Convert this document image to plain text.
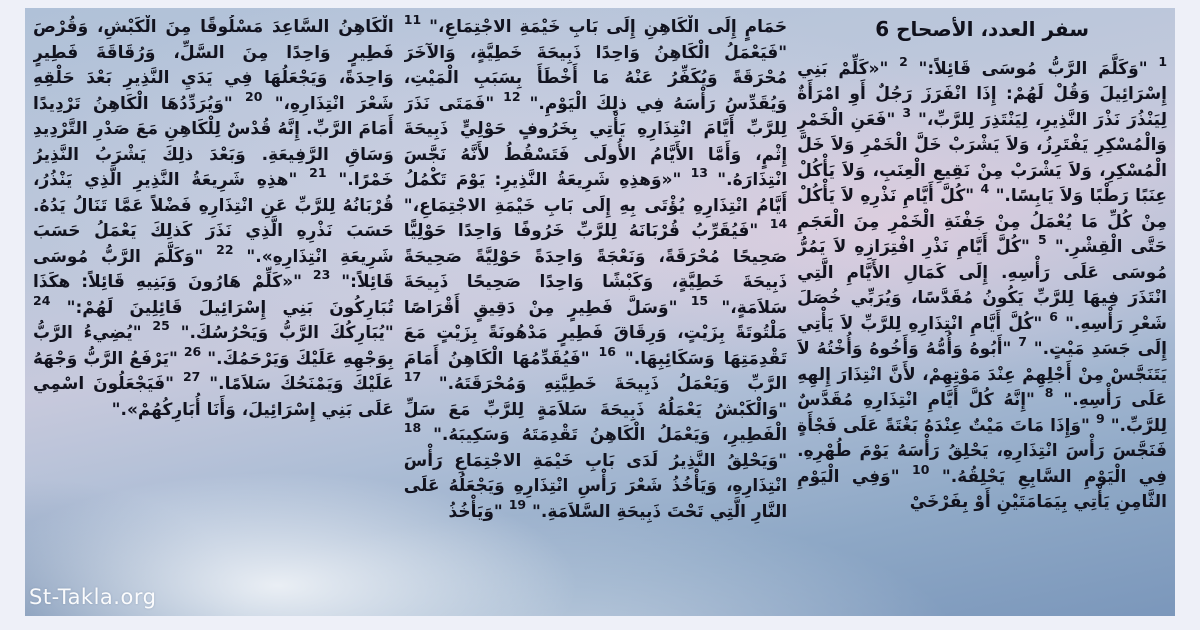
سفر العدد، الأصحاح 6

$^1$ "وَكَلَّمَ الرَّبُّ مُوسَى قَائِلاً:" $^2$ "«كَلِّمْ بَنِي إِسْرَائِيلَ وَقُلْ لَهُمْ: إِذَا انْفَرَزَ رَجُلٌ أَوِ امْرَأَةٌ لِيَنْذُرَ نَذْرَ النَّذِيرِ، لِيَنْتَذِرَ لِلرَّبِّ،" $^3$ "فَعَنِ الْخَمْرِ وَالْمُسْكِرِ يَفْتَرِزُ، وَلاَ يَشْرَبْ خَلَّ الْخَمْرِ وَلاَ خَلَّ الْمُسْكِرِ، وَلاَ يَشْرَبْ مِنْ نَقِيعِ الْعِنَبِ، وَلاَ يَأْكُلْ عِنَبًا رَطْبًا وَلاَ يَابِسًا." $^4$ "كُلَّ أَيَّامِ نَذْرِهِ لاَ يَأْكُلْ مِنْ كُلِّ مَا يُعْمَلُ مِنْ جَفْنَةِ الْخَمْرِ مِنَ الْعَجَمِ حَتَّى الْقِشْرِ." $^5$ "كُلَّ أَيَّامِ نَذْرِ افْتِرَازِهِ لاَ يَمُرُّ مُوسَى عَلَى رَأْسِهِ. إِلَى كَمَالِ الأَيَّامِ الَّتِي انْتَذَرَ فِيهَا لِلرَّبِّ يَكُونُ مُقَدَّسًا، وَيُرَبِّي خُصَلَ شَعْرِ رَأْسِهِ." $^6$ "كُلَّ أَيَّامِ انْتِذَارِهِ لِلرَّبِّ لاَ يَأْتِي إِلَى جَسَدِ مَيْتٍ." $^7$ "أَبُوهُ وَأُمُّهُ وَأَخُوهُ وَأُخْتُهُ لاَ يَتَنَجَّسْ مِنْ أَجْلِهِمْ عِنْدَ مَوْتِهِمْ، لأَنَّ انْتِذَارَ إِلهِهِ عَلَى رَأْسِهِ." $^8$ "إِنَّهُ كُلَّ أَيَّامِ انْتِذَارِهِ مُقَدَّسٌ لِلرَّبِّ." $^9$ "وَإِذَا مَاتَ مَيْتٌ عِنْدَهُ بَغْتَةً عَلَى فَجْأَةٍ فَنَجَّسَ رَأْسَ انْتِذَارِهِ، يَحْلِقُ رَأْسَهُ يَوْمَ طُهْرِهِ. فِي الْيَوْمِ السَّابِعِ يَحْلِقُهُ." $^{10}$ "وَفِي الْيَوْمِ الثَّامِنِ يَأْتِي بِيَمَامَتَيْنِ أَوْ بِفَرْخَيْ

حَمَامٍ إِلَى الْكَاهِنِ إِلَى بَابِ خَيْمَةِ الاجْتِمَاعِ،" $^{11}$ "فَيَعْمَلُ الْكَاهِنُ وَاحِدًا ذَبِيحَةَ خَطِيَّةٍ، وَالآخَرَ مُحْرَقَةً وَيُكَفِّرُ عَنْهُ مَا أَخْطَأَ بِسَبَبِ الْمَيْتِ، وَيُقَدِّسُ رَأْسَهُ فِي ذلِكَ الْيَوْمِ." $^{12}$ "فَمَتَى نَذَرَ لِلرَّبِّ أَيَّامَ انْتِذَارِهِ يَأْتِي بِخَرُوفٍ حَوْلِيٍّ ذَبِيحَةَ إِثْمٍ، وَأَمَّا الأَيَّامُ الأُولَى فَتَسْقُطُ لأَنَّهُ نَجَّسَ انْتِذَارَهُ." $^{13}$ "«وَهذِهِ شَرِيعَةُ النَّذِيرِ: يَوْمَ تَكْمُلُ أَيَّامُ انْتِذَارِهِ يُؤْتَى بِهِ إِلَى بَابِ خَيْمَةِ الاجْتِمَاعِ،" $^{14}$ "فَيُقَرِّبُ قُرْبَانَهُ لِلرَّبِّ خَرُوفًا وَاحِدًا حَوْلِيًّا صَحِيحًا مُحْرَقَةً، وَنَعْجَةً وَاحِدَةً حَوْلِيَّةً صَحِيحَةً ذَبِيحَةَ خَطِيَّةٍ، وَكَبْشًا وَاحِدًا صَحِيحًا ذَبِيحَةَ سَلاَمَةٍ،" $^{15}$ "وَسَلَّ فَطِيرٍ مِنْ دَقِيقٍ أَقْرَاصًا مَلْتُوتَةً بِزَيْتٍ، وَرِقَاقَ فَطِيرٍ مَدْهُونَةً بِزَيْتٍ مَعَ تَقْدِمَتِهَا وَسَكَائِبِهَا." $^{16}$ "فَيُقَدِّمُهَا الْكَاهِنُ أَمَامَ الرَّبِّ وَيَعْمَلُ ذَبِيحَةَ خَطِيَّتِهِ وَمُحْرَقَتَهُ." $^{17}$ "وَالْكَبْشُ يَعْمَلُهُ ذَبِيحَةَ سَلاَمَةٍ لِلرَّبِّ مَعَ سَلِّ الْفَطِيرِ، وَيَعْمَلُ الْكَاهِنُ تَقْدِمَتَهُ وَسَكِيبَهُ." $^{18}$ "وَيَحْلِقُ النَّذِيرُ لَدَى بَابِ خَيْمَةِ الاجْتِمَاعِ رَأْسَ انْتِذَارِهِ، وَيَأْخُذُ شَعْرَ رَأْسِ انْتِذَارِهِ وَيَجْعَلُهُ عَلَى النَّارِ الَّتِي تَحْتَ ذَبِيحَةِ السَّلاَمَةِ." $^{19}$ "وَيَأْخُذُ

الْكَاهِنُ السَّاعِدَ مَسْلُوقًا مِنَ الْكَبْشِ، وَقُرْصَ فَطِيرٍ وَاحِدًا مِنَ السَّلِّ، وَرُقَاقَةَ فَطِيرٍ وَاحِدَةً، وَيَجْعَلُهَا فِي يَدَيِ النَّذِيرِ بَعْدَ حَلْقِهِ شَعْرَ انْتِذَارِهِ،" $^{20}$ "وَيُرَدِّدُهَا الْكَاهِنُ تَرْدِيدًا أَمَامَ الرَّبِّ. إِنَّهُ قُدْسٌ لِلْكَاهِنِ مَعَ صَدْرِ التَّرْدِيدِ وَسَاقِ الرَّفِيعَةِ. وَبَعْدَ ذلِكَ يَشْرَبُ النَّذِيرُ خَمْرًا." $^{21}$ "هذِهِ شَرِيعَةُ النَّذِيرِ الَّذِي يَنْذُرُ، قُرْبَانُهُ لِلرَّبِّ عَنِ انْتِذَارِهِ فَضْلاً عَمَّا تَنَالُ يَدُهُ. حَسَبَ نَذْرِهِ الَّذِي نَذَرَ كَذلِكَ يَعْمَلُ حَسَبَ شَرِيعَةِ انْتِذَارِهِ»." $^{22}$ "وَكَلَّمَ الرَّبُّ مُوسَى قَائِلاً:" $^{23}$ "«كَلِّمْ هَارُونَ وَبَنِيهِ قَائِلاً: هكَذَا تُبَارِكُونَ بَنِي إِسْرَائِيلَ قَائِلِينَ لَهُمْ:" $^{24}$ "يُبَارِكُكَ الرَّبُّ وَيَحْرُسُكَ." $^{25}$ "يُضِيءُ الرَّبُّ بِوَجْهِهِ عَلَيْكَ وَيَرْحَمُكَ." $^{26}$ "يَرْفَعُ الرَّبُّ وَجْهَهُ عَلَيْكَ وَيَمْنَحُكَ سَلاَمًا." $^{27}$ "فَيَجْعَلُونَ اسْمِي عَلَى بَنِي إِسْرَائِيلَ، وَأَنَا أُبَارِكُهُمْ»."

St-Takla.org
